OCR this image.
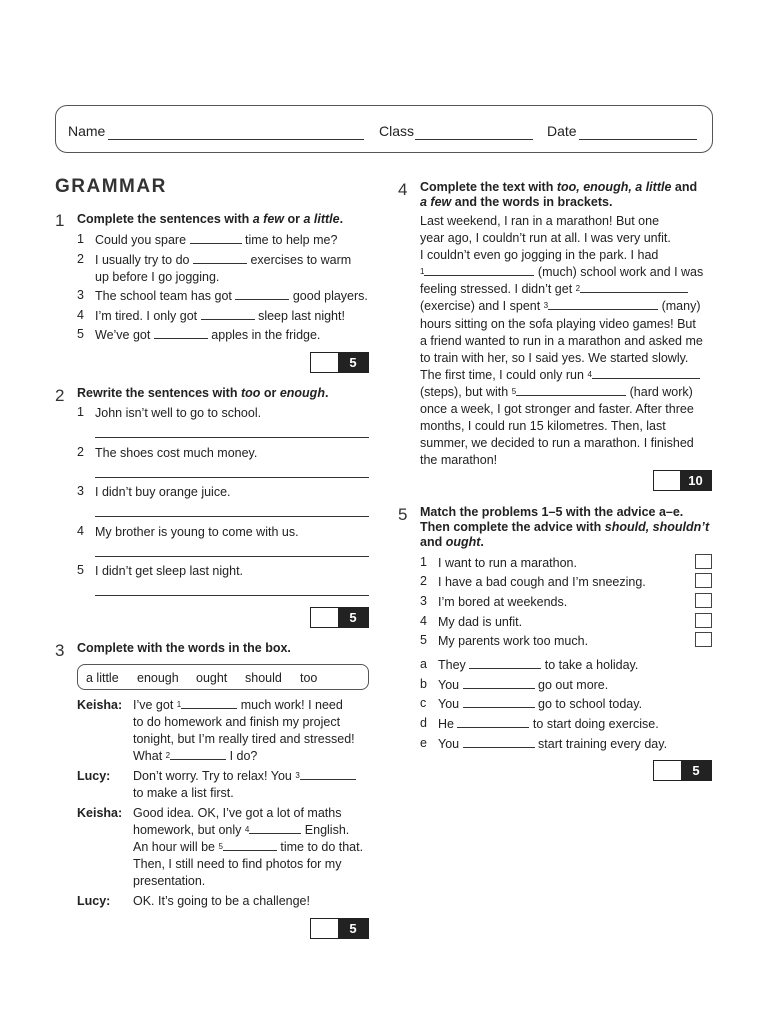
Name	Class	Date
GRAMMAR
1 Complete the sentences with a few or a little.
1 Could you spare	time to help me?
2 I usually try to do	exercises to warm
up before I go jogging.
3 The school team has got	good players.
4 I’m tired. I only got	sleep last night!
5 We’ve got	apples in the fridge.
5
2 Rewrite the sentences with too or enough.
1 John isn’t well to go to school.
2 The shoes cost much money.
3 I didn’t buy orange juice.
4 My brother is young to come with us.
5 I didn’t get sleep last night.
5
3 Complete with the words in the box.
a little enough ought should too
Keisha: I’ve got $^1$	much work! I need
to do homework and finish my project
tonight, but I’m really tired and stressed!
What $^2$	I do?
Lucy: Don’t worry. Try to relax! You $^3$
to make a list first.
Keisha: Good idea. OK, I’ve got a lot of maths
homework, but only $^4$	English.
An hour will be $^5$	time to do that.
Then, I still need to find photos for my
presentation.
Lucy: OK. It’s going to be a challenge!
5
4 Complete the text with too, enough, a little and
a few and the words in brackets.
Last weekend, I ran in a marathon! But one
year ago, I couldn’t run at all. I was very unfit.
I couldn’t even go jogging in the park. I had
$^1$	(much) school work and I was
feeling stressed. I didn’t get $^2$
(exercise) and I spent $^3$	(many)
hours sitting on the sofa playing video games! But
a friend wanted to run in a marathon and asked me
to train with her, so I said yes. We started slowly.
The first time, I could only run $^4$
(steps), but with $^5$	(hard work)
once a week, I got stronger and faster. After three
months, I could run 15 kilometres. Then, last
summer, we decided to run a marathon. I finished
the marathon!
10
5 Match the problems 1–5 with the advice a–e.
Then complete the advice with should, shouldn’t
and ought.
1 I want to run a marathon.
2 I have a bad cough and I’m sneezing.
3 I’m bored at weekends.
4 My dad is unfit.
5 My parents work too much.
a They	to take a holiday.
b You	go out more.
c You	go to school today.
d He	to start doing exercise.
e You	start training every day.
5
